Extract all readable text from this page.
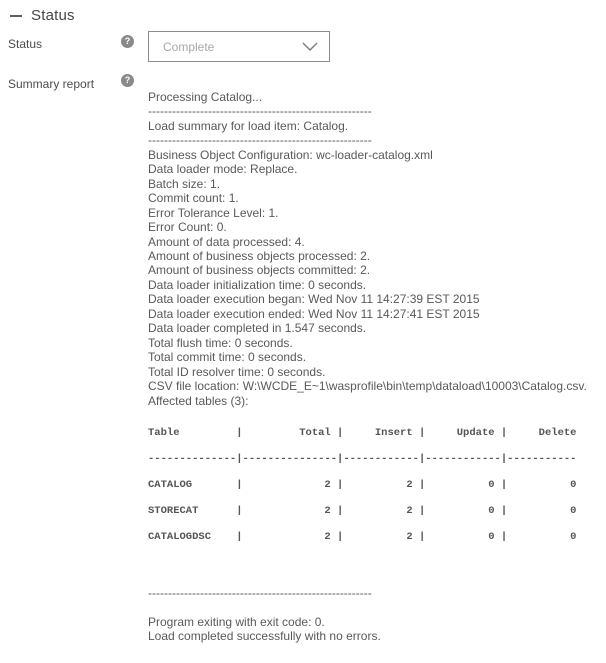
Status
Status	?	Complete
Summary report	?
Processing Catalog...
--------------------------------------------------------
Load summary for load item: Catalog.
--------------------------------------------------------
Business Object Configuration: wc-loader-catalog.xml
Data loader mode: Replace.
Batch size: 1.
Commit count: 1.
Error Tolerance Level: 1.
Error Count: 0.
Amount of data processed: 4.
Amount of business objects processed: 2.
Amount of business objects committed: 2.
Data loader initialization time: 0 seconds.
Data loader execution began: Wed Nov 11 14:27:39 EST 2015
Data loader execution ended: Wed Nov 11 14:27:41 EST 2015
Data loader completed in 1.547 seconds.
Total flush time: 0 seconds.
Total commit time: 0 seconds.
Total ID resolver time: 0 seconds.
CSV file location: W:\WCDE_E~1\wasprofile\bin\temp\dataload\10003\Catalog.csv.
Affected tables (3):
Table         |         Total |     Insert |     Update |     Delete
--------------|---------------|------------|------------|-----------
CATALOG       |             2 |          2 |          0 |          0
STORECAT      |             2 |          2 |          0 |          0
CATALOGDSC    |             2 |          2 |          0 |          0
--------------------------------------------------------
Program exiting with exit code: 0.
Load completed successfully with no errors.
